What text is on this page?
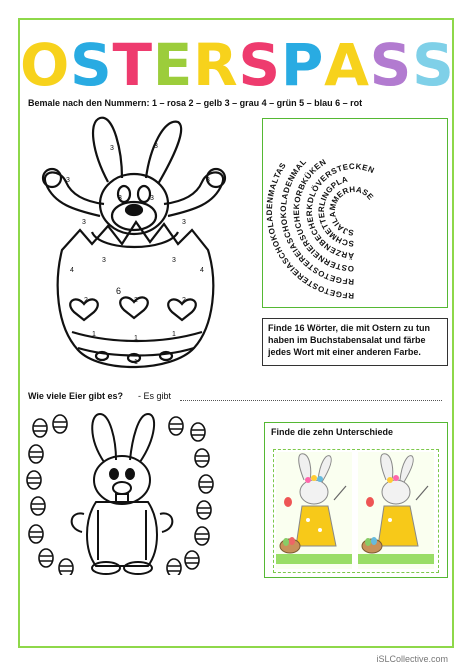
O S T E R S P A S S
Bemale nach den Nummern: 1 – rosa 2 – gelb 3 – grau 4 – grün 5 – blau 6 – rot
3	3
3	3
3	3
3	3
3	3
6
2	2	2
1
1
1
1
4	4
RFGETOSTEREIASCHOKOLADENMALTAS
RFGETOSTEREIASCHOKOLADENMAL
OSTERNEIERSUCHEKORBKÜKEN
ÄRZENBECHERKDLÖVERSTECKEN
SCHMETTERLINGPLA
SJAILAMMERHASE
Finde 16 Wörter, die mit Ostern zu tun haben im Buchstabensalat und färbe jedes Wort mit einer anderen Farbe.
Wie viele Eier gibt es? - Es gibt
Finde die zehn Unterschiede
iSLCollective.com
